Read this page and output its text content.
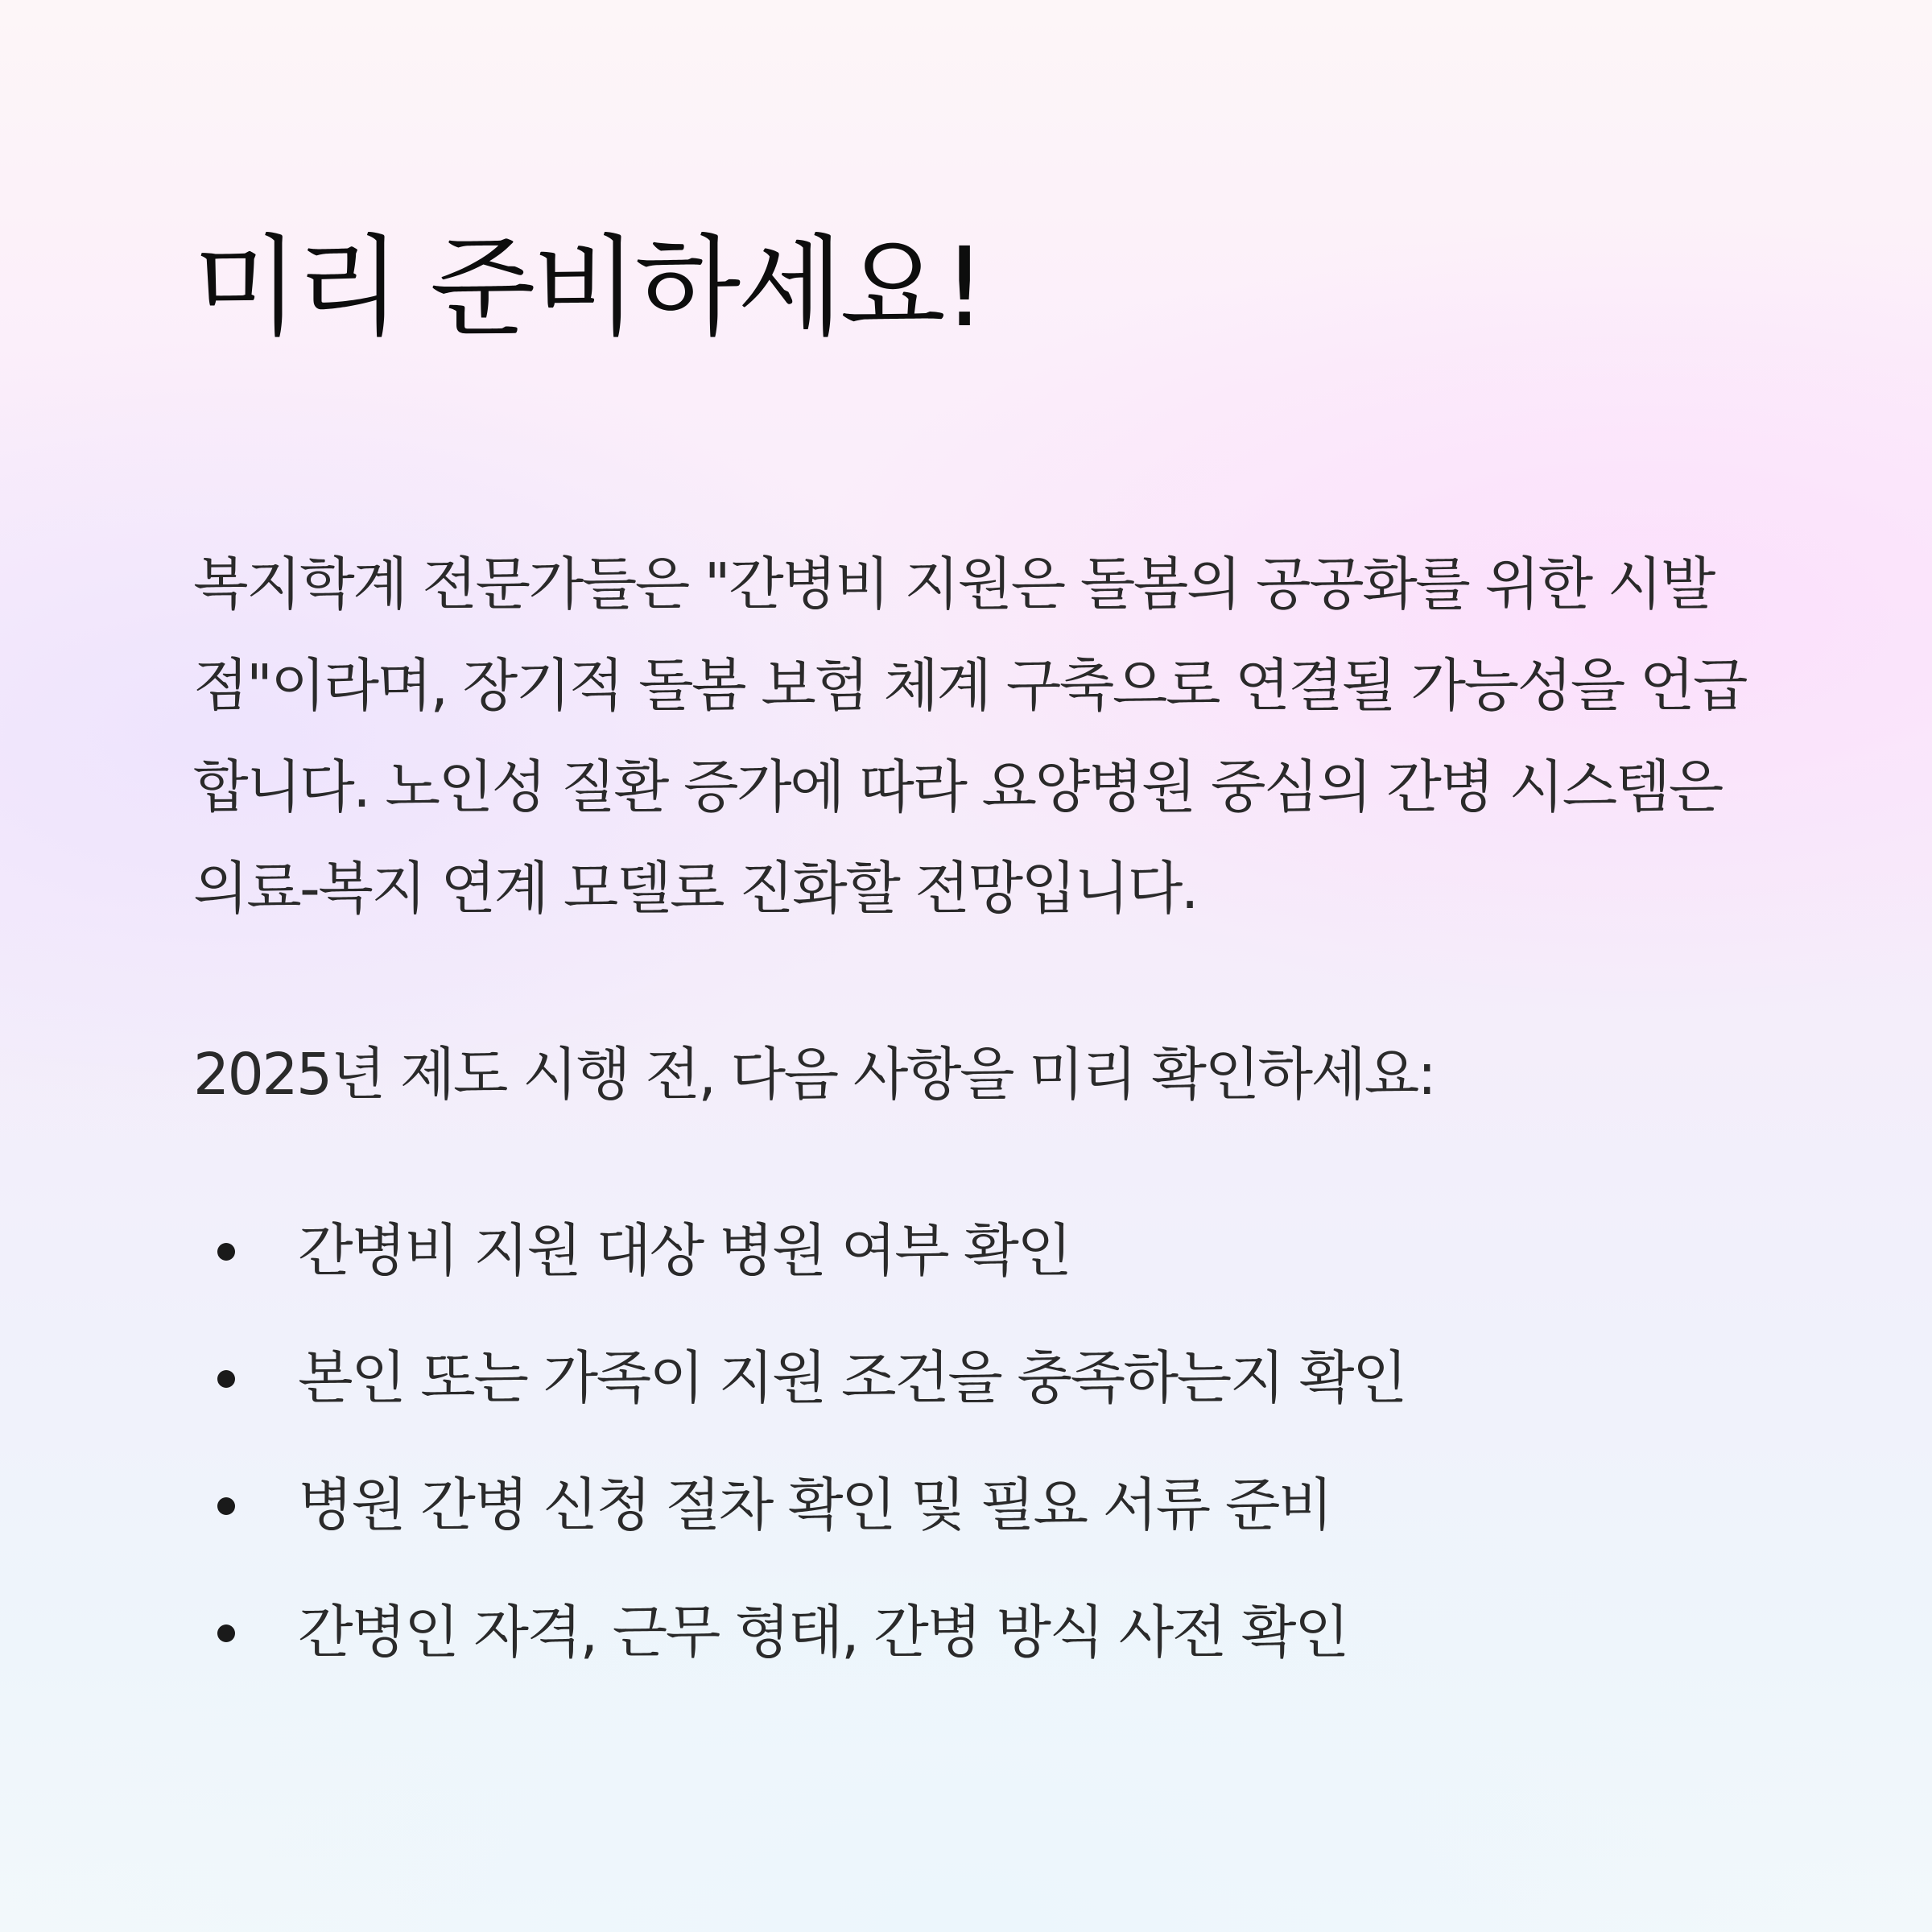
미리 준비하세요!

복지학계 전문가들은 "간병비 지원은 돌봄의 공공화를 위한 시발점"이라며, 장기적 돌봄 보험 체계 구축으로 연결될 가능성을 언급합니다. 노인성 질환 증가에 따라 요양병원 중심의 간병 시스템은 의료-복지 연계 모델로 진화할 전망입니다.

2025년 제도 시행 전, 다음 사항을 미리 확인하세요:

간병비 지원 대상 병원 여부 확인
본인 또는 가족이 지원 조건을 충족하는지 확인
병원 간병 신청 절차 확인 및 필요 서류 준비
간병인 자격, 근무 형태, 간병 방식 사전 확인
